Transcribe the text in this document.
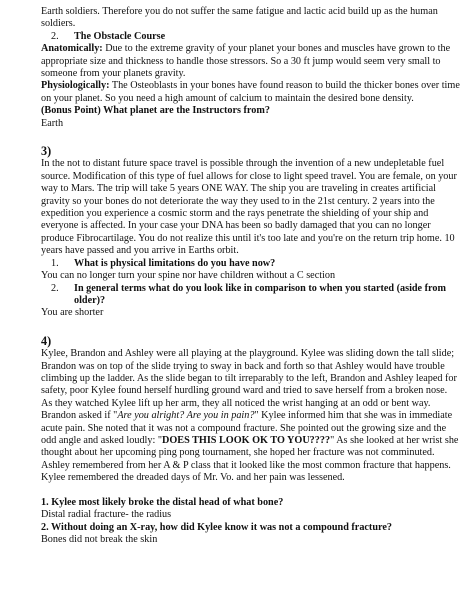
Earth soldiers. Therefore you do not suffer the same fatigue and lactic acid build up as the human soldiers.

2.	The Obstacle Course

Anatomically: Due to the extreme gravity of your planet your bones and muscles have grown to the appropriate size and thickness to handle those stressors. So a 30 ft jump would seem very small to someone from your planets gravity.

Physiologically: The Osteoblasts in your bones have found reason to build the thicker bones over time on your planet. So you need a high amount of calcium to maintain the desired bone density.

(Bonus Point) What planet are the Instructors from?

Earth

3)

In the not to distant future space travel is possible through the invention of a new undepletable fuel source. Modification of this type of fuel allows for close to light speed travel. You are female, on your way to Mars. The trip will take 5 years ONE WAY. The ship you are traveling in creates artificial gravity so your bones do not deteriorate the way they used to in the 21st century. 2 years into the expedition you experience a cosmic storm and the rays penetrate the shielding of your ship and everyone is affected. In your case your DNA has been so badly damaged that you can no longer produce Fibrocartilage. You do not realize this until it's too late and you're on the return trip home. 10 years have passed and you arrive in Earths orbit.

1.	What is physical limitations do you have now?

You can no longer turn your spine nor have children without a C section

2.	In general terms what do you look like in comparison to when you started (aside from older)?

You are shorter

4)

Kylee, Brandon and Ashley were all playing at the playground. Kylee was sliding down the tall slide; Brandon was on top of the slide trying to sway in back and forth so that Ashley would have trouble climbing up the ladder. As the slide began to tilt irreparably to the left, Brandon and Ashley leaped for safety, poor Kylee found herself hurdling ground ward and tried to save herself from a broken nose. As they watched Kylee lift up her arm, they all noticed the wrist hanging at an odd or bent way. Brandon asked if "Are you alright? Are you in pain?" Kylee informed him that she was in immediate acute pain. She noted that it was not a compound fracture. She pointed out the growing size and the odd angle and asked loudly: "DOES THIS LOOK OK TO YOU????" As she looked at her wrist she thought about her upcoming ping pong tournament, she hoped her fracture was not comminuted.

Ashley remembered from her A & P class that it looked like the most common fracture that happens.

Kylee remembered the dreaded days of Mr. Vo. and her pain was lessened.

1. Kylee most likely broke the distal head of what bone?

Distal radial fracture- the radius

2. Without doing an X-ray, how did Kylee know it was not a compound fracture?

Bones did not break the skin
